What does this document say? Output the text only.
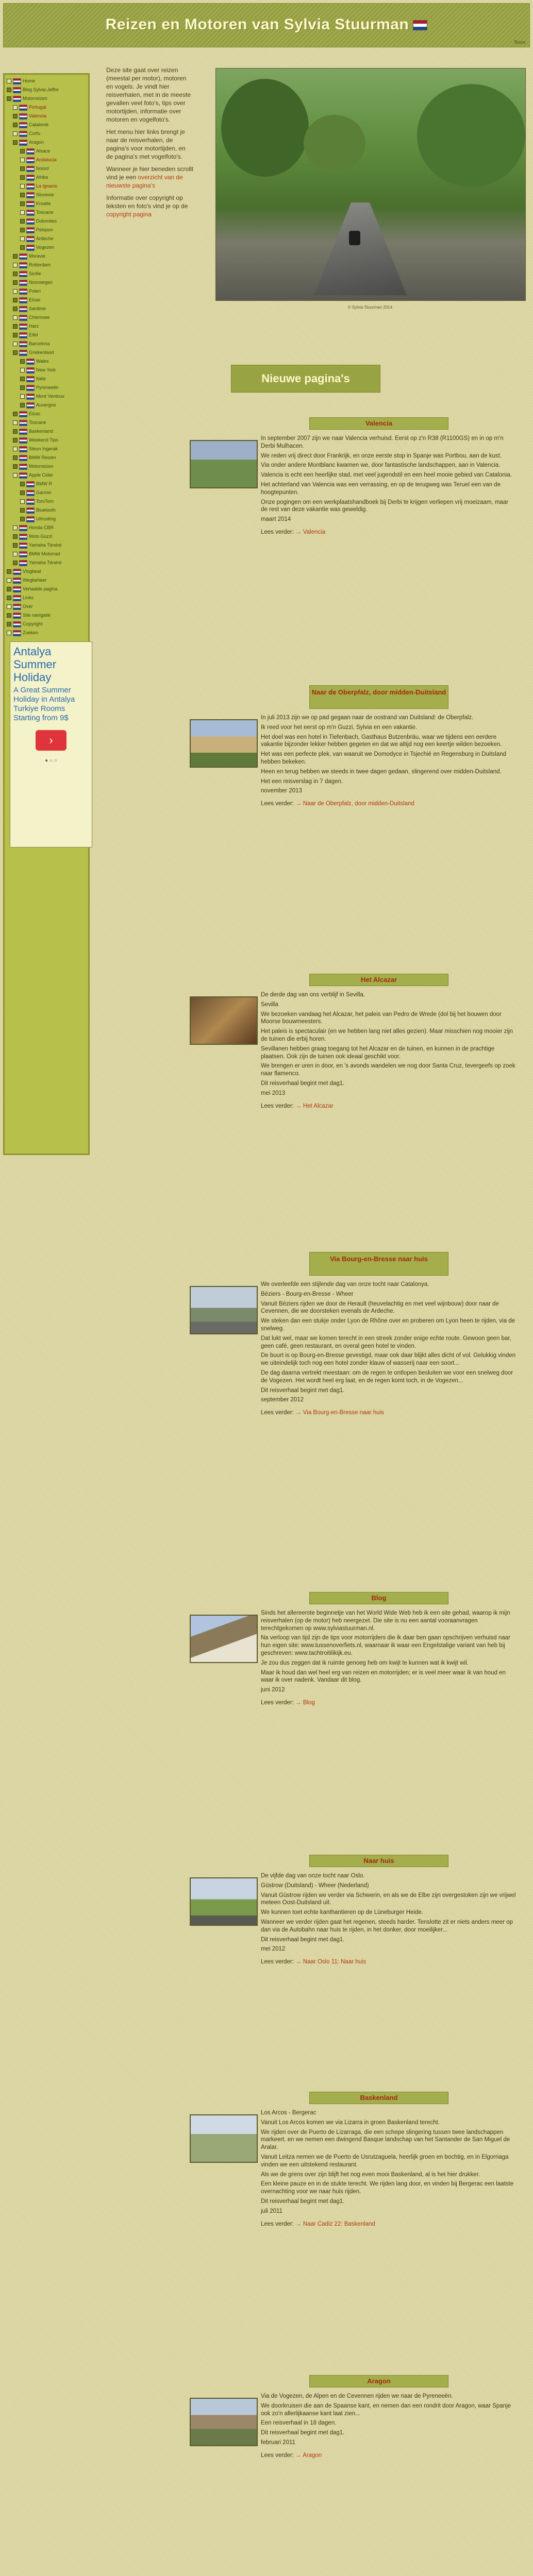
Reizen en Motoren van Sylvia Stuurman
Tours
Home
Blog Sylvia-Jeffre
Motorreizen
Portugal
Valencia
Catalonië
Corfu
Aragon
Alsace
Andalucia
Noord
Afrika
La Ignacio
Slovenie
Kroatie
Toscane
Dolomites
Pelopon
Ardeche
Vogezen
Moravie
Rotterdam
Sicilie
Noorwegen
Polen
Elzas
Sardinie
Chiemsee
Harz
Eifel
Barcelona
Griekenland
Wales
New York
Italie
Pyreneeën
Mont Ventoux
Auvergne
Elzas
Toscane
Baskenland
Weekend Tips
Steun Ingerak
BMW Reizen
Motorreizen
Apple Cider
BMW R
Garmin
TomTom
Bluetooth
Uitrusting
Honda CBR
Moto Guzzi
Yamaha Ténéré
BMW Motorrad
Yamaha Ténéré
Vlogbeat
Wegbeheer
Vertaalde pagina
Links
Over
Site navigatie
Copyright
Zoeken
Antalya Summer Holiday
A Great Summer Holiday in Antalya Turkiye Rooms Starting from 9$
›
● ○ ○

Deze site gaat over reizen (meestal per motor), motoren en vogels. Je vindt hier reisverhalen, met in de meeste gevallen veel foto's, tips over motortijden, informatie over motoren en vogelfoto's.

Het menu hier links brengt je naar de reisverhalen, de pagina's voor motortijden, en de pagina's met vogelfoto's.

Wanneer je hier beneden scrollt vind je een overzicht van de nieuwste pagina's

Informatie over copyright op teksten en foto's vind je op de copyright pagina

© Sylvia Stuurman 2014
Nieuwe pagina's
Valencia

In september 2007 zijn we naar Valencia verhuisd. Eerst op z'n R38 (R1100GS) en in op m'n Derbi Mulhacen.

We reden vrij direct door Frankrijk, en onze eerste stop in Spanje was Portbou, aan de kust.

Via onder andere Montblanc kwamen we, door fantastische landschappen, aan in Valencia.

Valencia is echt een heerlijke stad, met veel jugendstil en een heel mooie gebied van Catalonia.

Het achterland van Valencia was een verrassing, en op de terugweg was Teruel een van de hoogtepunten.

Onze pogingen om een werkplaatshandboek bij Derbi te krijgen verliepen vrij moeizaam, maar de rest van deze vakantie was geweldig.

maart 2014

Lees verder: → Valencia

Naar de Oberpfalz, door midden-Duitsland

In juli 2013 zijn we op pad gegaan naar de oostrand van Duitsland: de Oberpfalz.

Ik reed voor het eerst op m'n Guzzi, Sylvia en een vakantie.

Het doel was een hotel in Tiefenbach, Gasthaus Butzenbräu, waar we tijdens een eerdere vakantie bijzonder lekker hebben gegeten en dat we altijd nog een keertje wilden bezoeken.

Het was een perfecte plek, van waaruit we Domodyce in Tsjechië en Regensburg in Duitsland hebben bekeken.

Heen en terug hebben we steeds in twee dagen gedaan, slingerend over midden-Duitsland.

Het een reisverslag in 7 dagen.

november 2013

Lees verder: → Naar de Oberpfalz, door midden-Duitsland

Het Alcazar

De derde dag van ons verblijf in Sevilla.

Sevilla

We bezoeken vandaag het Alcazar, het paleis van Pedro de Wrede (dol bij het bouwen door Moorse bouwmeesters.

Het paleis is spectaculair (en we hebben lang niet alles gezien). Maar misschien nog mooier zijn de tuinen die erbij horen.

Sevillanen hebben graag toegang tot het Alcazar en de tuinen, en kunnen in de prachtige plaatsen. Ook zijn de tuinen ook ideaal geschikt voor.

We brengen er uren in door, en 's avonds wandelen we nog door Santa Cruz, tevergeefs op zoek naar flamenco.

Dit reisverhaal begint met dag1.

mei 2013

Lees verder: → Het Alcazar

Via Bourg-en-Bresse naar huis

We overleefde een stijlende dag van onze tocht naar Catalonya.

Béziers - Bourg-en-Bresse - Wheer

Vanuit Béziers rijden we door de Herault (heuvelachtig en met veel wijnbouw) door naar de Cevennen, die we doorsteken evenals de Ardeche.

We steken dan een stukje onder Lyon de Rhône over en proberen om Lyon heen te rijden, via de snelweg.

Dat lukt wel, maar we komen terecht in een streek zonder enige echte route. Gewoon geen bar, geen café, geen restaurant, en overal geen hotel te vinden.

De buurt is op Bourg-en-Bresse gevestigd, maar ook daar blijkt alles dicht of vol. Gelukkig vinden we uiteindelijk toch nog een hotel zonder klauw of wasserij naar een soort...

De dag daarna vertrekt meestaan: om de regen te ontlopen besluiten we voor een snelweg door de Vogezen. Het wordt heel erg laat, en de regen komt toch, in de Vogezen...

Dit reisverhaal begint met dag1.

september 2012

Lees verder: → Via Bourg-en-Bresse naar huis

Blog

Sinds het allereerste beginnetje van het World Wide Web heb ik een site gehad, waarop ik mijn reisverhalen (op de motor) heb neergezet. Die site is nu een aantal vooraanvragen terechtgekomen op www.sylviastuurman.nl.

Na verloop van tijd zijn de tips voor motorrijders die ik daar ben gaan opschrijven verhuisd naar hun eigen site: www.tussenoverfiets.nl, waarnaar ik waar een Engelstalige variant van heb bij geschreven: www.tachtroitilikijk.eu.

Je zou dus zeggen dat ik ruimte genoeg heb om kwijt te kunnen wat ik kwijt wil.

Maar ik houd dan wel heel erg van reizen en motorrijden; er is veel meer waar ik van houd en waar ik over nadenk. Vandaar dit blog.

juni 2012

Lees verder: → Blog

Naar huis

De vijfde dag van onze tocht naar Oslo.

Güstrow (Duitsland) - Wheer (Nederland)

Vanuit Güstrow rijden we verder via Schwerin, en als we de Elbe zijn overgestoken zijn we vrijwel meteen Oost-Duitsland uit.

We kunnen toet echte kanthantieren op de Lüneburger Heide.

Wanneer we verder rijden gaat het regenen, steeds harder. Tenslotte zit er niets anders meer op dan via de Autobahn naar huis te rijden, in het donker, door moeilijker...

Dit reisverhaal begint met dag1.

mei 2012

Lees verder: → Naar Oslo 11: Naar huis

Baskenland

Los Arcos - Bergerac

Vanuit Los Arcos komen we via Lizarra in groen Baskenland terecht.

We rijden over de Puerto de Lizarraga, die een schepe slingering tussen twee landschappen markeert, en we nemen een dwingend Basque landschap van het Santander de San Miguel de Aralar.

Vanuit Leitza nemen we de Puerto de Usrutzaguela, heerlijk groen en bochtig, en in Elgorriaga vinden we een uitstekend restaurant.

Als we de grens over zijn blijft het nog even mooi Baskenland, al is het hier drukker.

Een kleine pauze en in de stukte terecht. We rijden lang door, en vinden bij Bergerac een laatste overnachting voor we naar huis rijden.

Dit reisverhaal begint met dag1.

juli 2011

Lees verder: → Naar Cadiz 22: Baskenland

Aragon

Via de Vogezen, de Alpen en de Cevennen rijden we naar de Pyreneeën.

We doorkruisen die aan de Spaanse kant, en nemen dan een rondrit door Aragon, waar Spanje ook zo'n allerlijkaanse kant laat zien...

Een reisverhaal in 18 dagen.

Dit reisverhaal begint met dag1.

februari 2011

Lees verder: → Aragon
